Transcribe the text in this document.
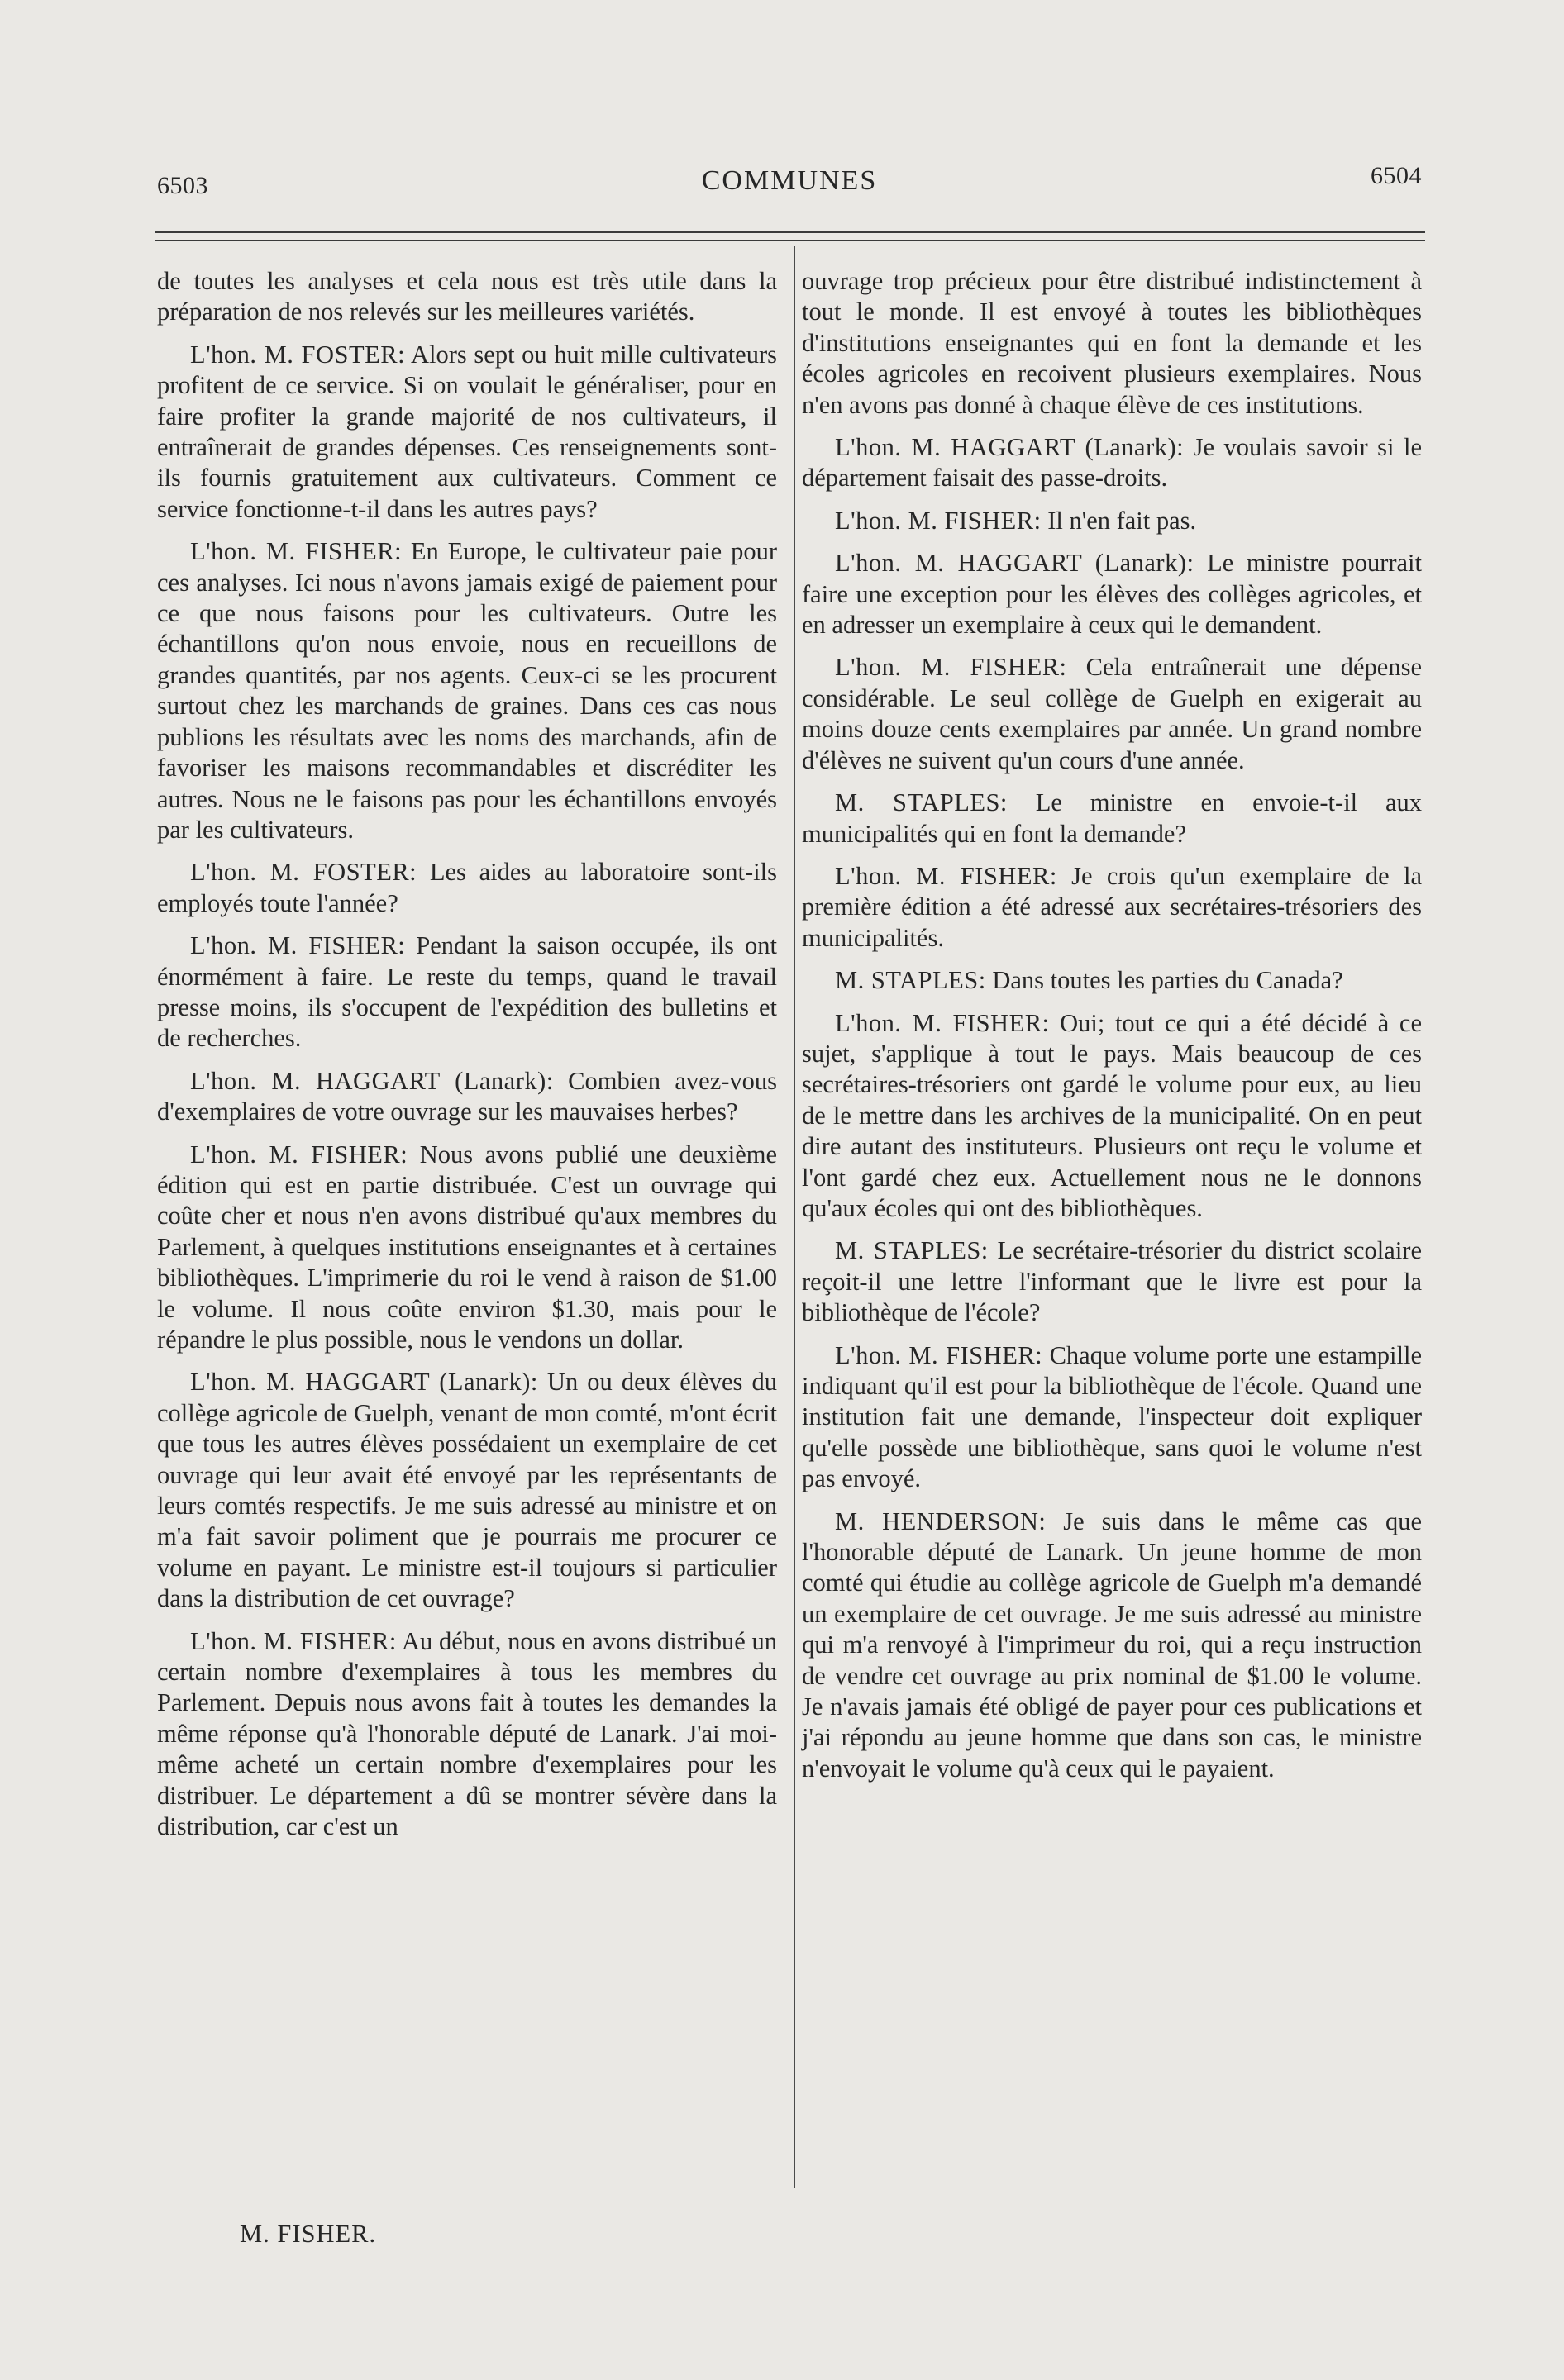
6503	COMMUNES	6504

de toutes les analyses et cela nous est très utile dans la préparation de nos relevés sur les meilleures variétés.

L'hon. M. FOSTER: Alors sept ou huit mille cultivateurs profitent de ce service. Si on voulait le généraliser, pour en faire profiter la grande majorité de nos cultivateurs, il entraînerait de grandes dépenses. Ces renseignements sont-ils fournis gratuitement aux cultivateurs. Comment ce service fonctionne-t-il dans les autres pays?

L'hon. M. FISHER: En Europe, le cultivateur paie pour ces analyses. Ici nous n'avons jamais exigé de paiement pour ce que nous faisons pour les cultivateurs. Outre les échantillons qu'on nous envoie, nous en recueillons de grandes quantités, par nos agents. Ceux-ci se les procurent surtout chez les marchands de graines. Dans ces cas nous publions les résultats avec les noms des marchands, afin de favoriser les maisons recommandables et discréditer les autres. Nous ne le faisons pas pour les échantillons envoyés par les cultivateurs.

L'hon. M. FOSTER: Les aides au laboratoire sont-ils employés toute l'année?

L'hon. M. FISHER: Pendant la saison occupée, ils ont énormément à faire. Le reste du temps, quand le travail presse moins, ils s'occupent de l'expédition des bulletins et de recherches.

L'hon. M. HAGGART (Lanark): Combien avez-vous d'exemplaires de votre ouvrage sur les mauvaises herbes?

L'hon. M. FISHER: Nous avons publié une deuxième édition qui est en partie distribuée. C'est un ouvrage qui coûte cher et nous n'en avons distribué qu'aux membres du Parlement, à quelques institutions enseignantes et à certaines bibliothèques. L'imprimerie du roi le vend à raison de $1.00 le volume. Il nous coûte environ $1.30, mais pour le répandre le plus possible, nous le vendons un dollar.

L'hon. M. HAGGART (Lanark): Un ou deux élèves du collège agricole de Guelph, venant de mon comté, m'ont écrit que tous les autres élèves possédaient un exemplaire de cet ouvrage qui leur avait été envoyé par les représentants de leurs comtés respectifs. Je me suis adressé au ministre et on m'a fait savoir poliment que je pourrais me procurer ce volume en payant. Le ministre est-il toujours si particulier dans la distribution de cet ouvrage?

L'hon. M. FISHER: Au début, nous en avons distribué un certain nombre d'exemplaires à tous les membres du Parlement. Depuis nous avons fait à toutes les demandes la même réponse qu'à l'honorable député de Lanark. J'ai moi-même acheté un certain nombre d'exemplaires pour les distribuer. Le département a dû se montrer sévère dans la distribution, car c'est un

ouvrage trop précieux pour être distribué indistinctement à tout le monde. Il est envoyé à toutes les bibliothèques d'institutions enseignantes qui en font la demande et les écoles agricoles en recoivent plusieurs exemplaires. Nous n'en avons pas donné à chaque élève de ces institutions.

L'hon. M. HAGGART (Lanark): Je voulais savoir si le département faisait des passe-droits.

L'hon. M. FISHER: Il n'en fait pas.

L'hon. M. HAGGART (Lanark): Le ministre pourrait faire une exception pour les élèves des collèges agricoles, et en adresser un exemplaire à ceux qui le demandent.

L'hon. M. FISHER: Cela entraînerait une dépense considérable. Le seul collège de Guelph en exigerait au moins douze cents exemplaires par année. Un grand nombre d'élèves ne suivent qu'un cours d'une année.

M. STAPLES: Le ministre en envoie-t-il aux municipalités qui en font la demande?

L'hon. M. FISHER: Je crois qu'un exemplaire de la première édition a été adressé aux secrétaires-trésoriers des municipalités.

M. STAPLES: Dans toutes les parties du Canada?

L'hon. M. FISHER: Oui; tout ce qui a été décidé à ce sujet, s'applique à tout le pays. Mais beaucoup de ces secrétaires-trésoriers ont gardé le volume pour eux, au lieu de le mettre dans les archives de la municipalité. On en peut dire autant des instituteurs. Plusieurs ont reçu le volume et l'ont gardé chez eux. Actuellement nous ne le donnons qu'aux écoles qui ont des bibliothèques.

M. STAPLES: Le secrétaire-trésorier du district scolaire reçoit-il une lettre l'informant que le livre est pour la bibliothèque de l'école?

L'hon. M. FISHER: Chaque volume porte une estampille indiquant qu'il est pour la bibliothèque de l'école. Quand une institution fait une demande, l'inspecteur doit expliquer qu'elle possède une bibliothèque, sans quoi le volume n'est pas envoyé.

M. HENDERSON: Je suis dans le même cas que l'honorable député de Lanark. Un jeune homme de mon comté qui étudie au collège agricole de Guelph m'a demandé un exemplaire de cet ouvrage. Je me suis adressé au ministre qui m'a renvoyé à l'imprimeur du roi, qui a reçu instruction de vendre cet ouvrage au prix nominal de $1.00 le volume. Je n'avais jamais été obligé de payer pour ces publications et j'ai répondu au jeune homme que dans son cas, le ministre n'envoyait le volume qu'à ceux qui le payaient.

M. FISHER.
